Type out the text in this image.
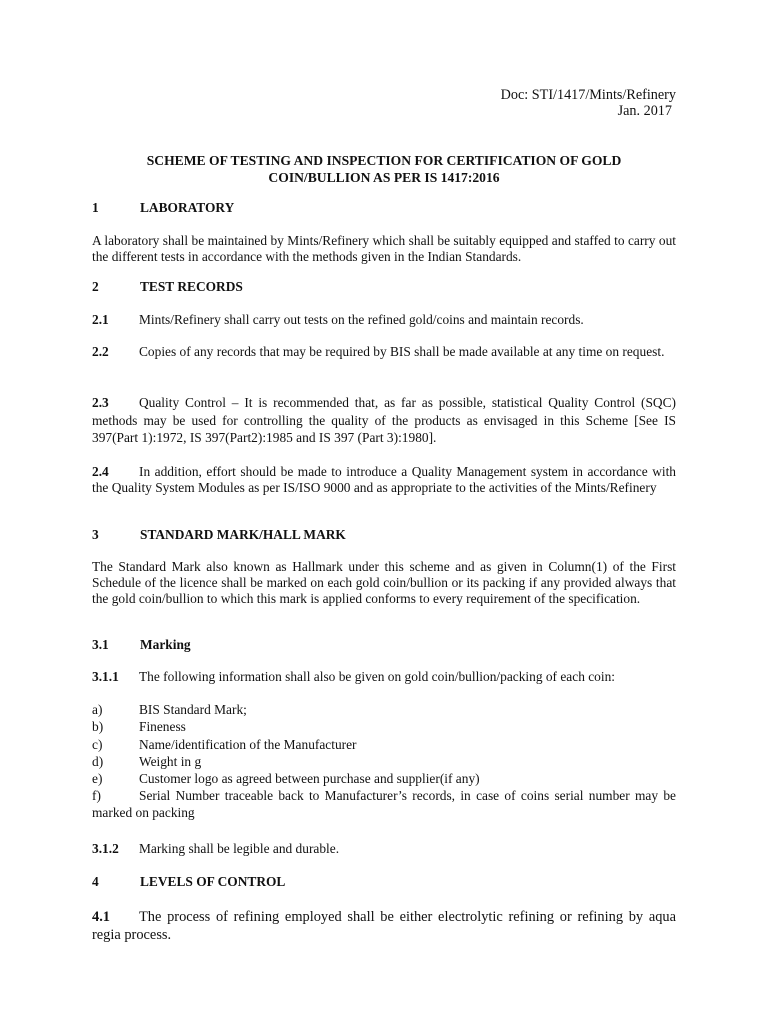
Doc: STI/1417/Mints/Refinery
Jan. 2017
SCHEME OF TESTING AND INSPECTION FOR CERTIFICATION OF GOLD
COIN/BULLION AS PER IS 1417:2016
1	LABORATORY
A laboratory shall be maintained by Mints/Refinery which shall be suitably equipped and staffed to carry out the different tests in accordance with the methods given in the Indian Standards.
2	TEST RECORDS
2.1 Mints/Refinery shall carry out tests on the refined gold/coins and maintain records.
2.2 Copies of any records that may be required by BIS shall be made available at any time on request.
2.3 Quality Control – It is recommended that, as far as possible, statistical Quality Control (SQC) methods may be used for controlling the quality of the products as envisaged in this Scheme [See IS 397(Part 1):1972, IS 397(Part2):1985 and IS 397 (Part 3):1980].
2.4 In addition, effort should be made to introduce a Quality Management system in accordance with the Quality System Modules as per IS/ISO 9000 and as appropriate to the activities of the Mints/Refinery
3	STANDARD MARK/HALL MARK
The Standard Mark also known as Hallmark under this scheme and as given in Column(1) of the First Schedule of the licence shall be marked on each gold coin/bullion or its packing if any provided always that the gold coin/bullion to which this mark is applied conforms to every requirement of the specification.
3.1 Marking
3.1.1 The following information shall also be given on gold coin/bullion/packing of each coin:
a)	BIS Standard Mark;
b)	Fineness
c)	Name/identification of the Manufacturer
d)	Weight in g
e)	Customer logo as agreed between purchase and supplier(if any)
f)	Serial Number traceable back to Manufacturer’s records, in case of coins serial number may be marked on packing
3.1.2 Marking shall be legible and durable.
4	LEVELS OF CONTROL
4.1 The process of refining employed shall be either electrolytic refining or refining by aqua regia process.
